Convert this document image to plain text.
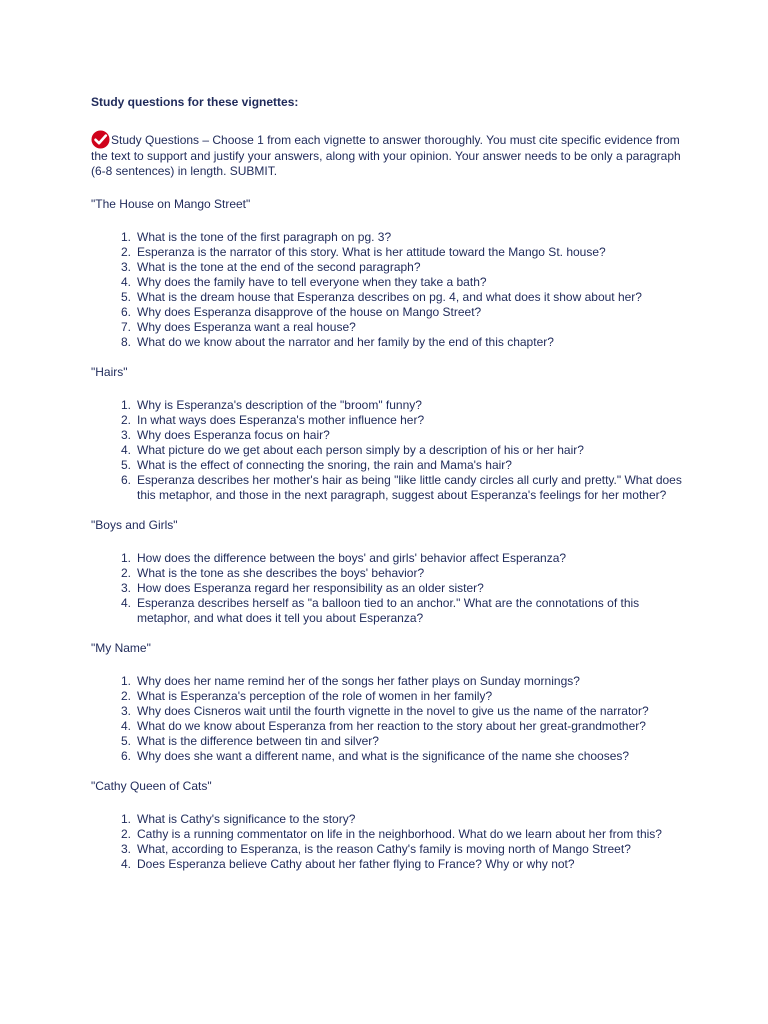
Study questions for these vignettes:
Study Questions – Choose 1 from each vignette to answer thoroughly. You must cite specific evidence from the text to support and justify your answers, along with your opinion. Your answer needs to be only a paragraph (6-8 sentences) in length. SUBMIT.
"The House on Mango Street"
1. What is the tone of the first paragraph on pg. 3?
2. Esperanza is the narrator of this story. What is her attitude toward the Mango St. house?
3. What is the tone at the end of the second paragraph?
4. Why does the family have to tell everyone when they take a bath?
5. What is the dream house that Esperanza describes on pg. 4, and what does it show about her?
6. Why does Esperanza disapprove of the house on Mango Street?
7. Why does Esperanza want a real house?
8. What do we know about the narrator and her family by the end of this chapter?
"Hairs"
1. Why is Esperanza's description of the "broom" funny?
2. In what ways does Esperanza's mother influence her?
3. Why does Esperanza focus on hair?
4. What picture do we get about each person simply by a description of his or her hair?
5. What is the effect of connecting the snoring, the rain and Mama's hair?
6. Esperanza describes her mother's hair as being "like little candy circles all curly and pretty." What does this metaphor, and those in the next paragraph, suggest about Esperanza's feelings for her mother?
"Boys and Girls"
1. How does the difference between the boys' and girls' behavior affect Esperanza?
2. What is the tone as she describes the boys' behavior?
3. How does Esperanza regard her responsibility as an older sister?
4. Esperanza describes herself as "a balloon tied to an anchor." What are the connotations of this metaphor, and what does it tell you about Esperanza?
"My Name"
1. Why does her name remind her of the songs her father plays on Sunday mornings?
2. What is Esperanza's perception of the role of women in her family?
3. Why does Cisneros wait until the fourth vignette in the novel to give us the name of the narrator?
4. What do we know about Esperanza from her reaction to the story about her great-grandmother?
5. What is the difference between tin and silver?
6. Why does she want a different name, and what is the significance of the name she chooses?
"Cathy Queen of Cats"
1. What is Cathy's significance to the story?
2. Cathy is a running commentator on life in the neighborhood. What do we learn about her from this?
3. What, according to Esperanza, is the reason Cathy's family is moving north of Mango Street?
4. Does Esperanza believe Cathy about her father flying to France? Why or why not?
